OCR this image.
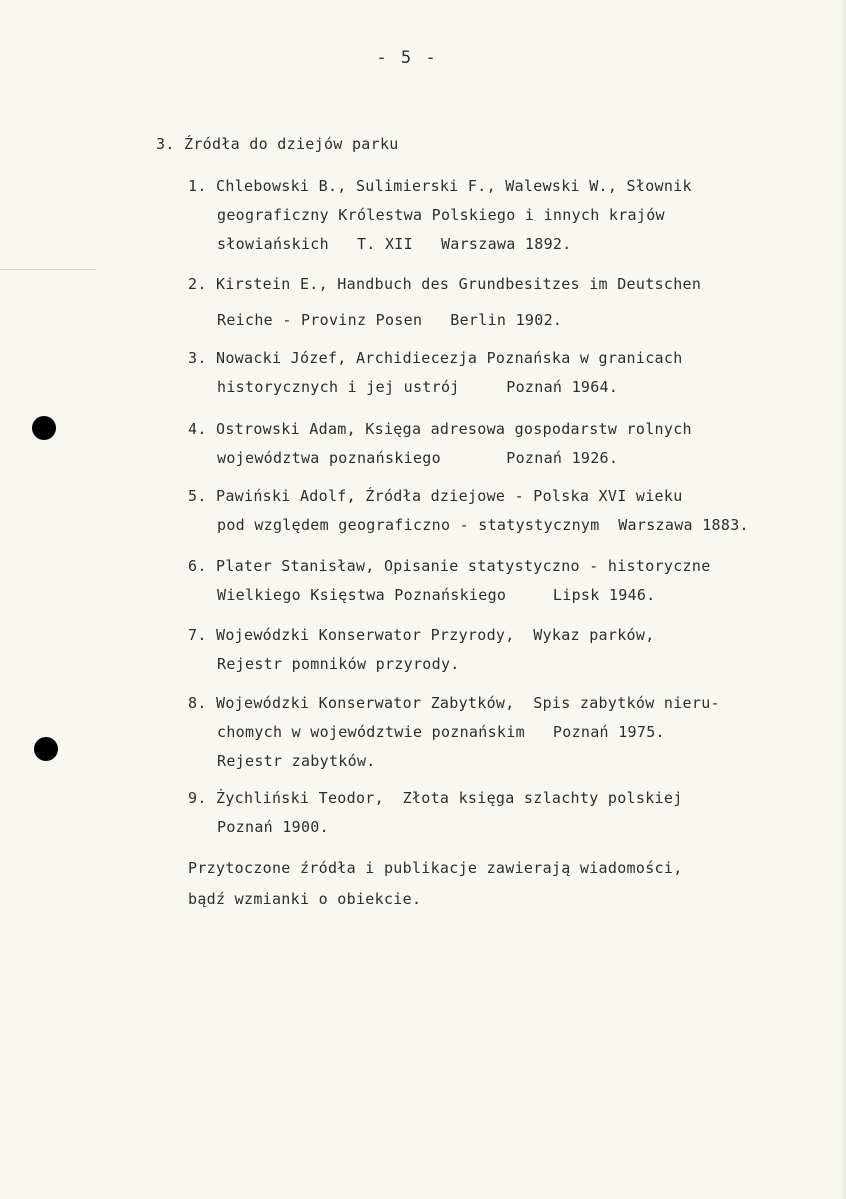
- 5 -
3. Źródła do dziejów parku
1. Chlebowski B., Sulimierski F., Walewski W., Słownik
geograficzny Królestwa Polskiego i innych krajów
słowiańskich   T. XII   Warszawa 1892.
2. Kirstein E., Handbuch des Grundbesitzes im Deutschen
Reiche - Provinz Posen   Berlin 1902.
3. Nowacki Józef, Archidiecezja Poznańska w granicach
historycznych i jej ustrój     Poznań 1964.
4. Ostrowski Adam, Księga adresowa gospodarstw rolnych
województwa poznańskiego       Poznań 1926.
5. Pawiński Adolf, Źródła dziejowe - Polska XVI wieku
pod względem geograficzno - statystycznym  Warszawa 1883.
6. Plater Stanisław, Opisanie statystyczno - historyczne
Wielkiego Księstwa Poznańskiego     Lipsk 1946.
7. Wojewódzki Konserwator Przyrody,  Wykaz parków,
Rejestr pomników przyrody.
8. Wojewódzki Konserwator Zabytków,  Spis zabytków nieru-
chomych w województwie poznańskim   Poznań 1975.
Rejestr zabytków.
9. Żychliński Teodor,  Złota księga szlachty polskiej
Poznań 1900.
Przytoczone źródła i publikacje zawierają wiadomości,
bądź wzmianki o obiekcie.
